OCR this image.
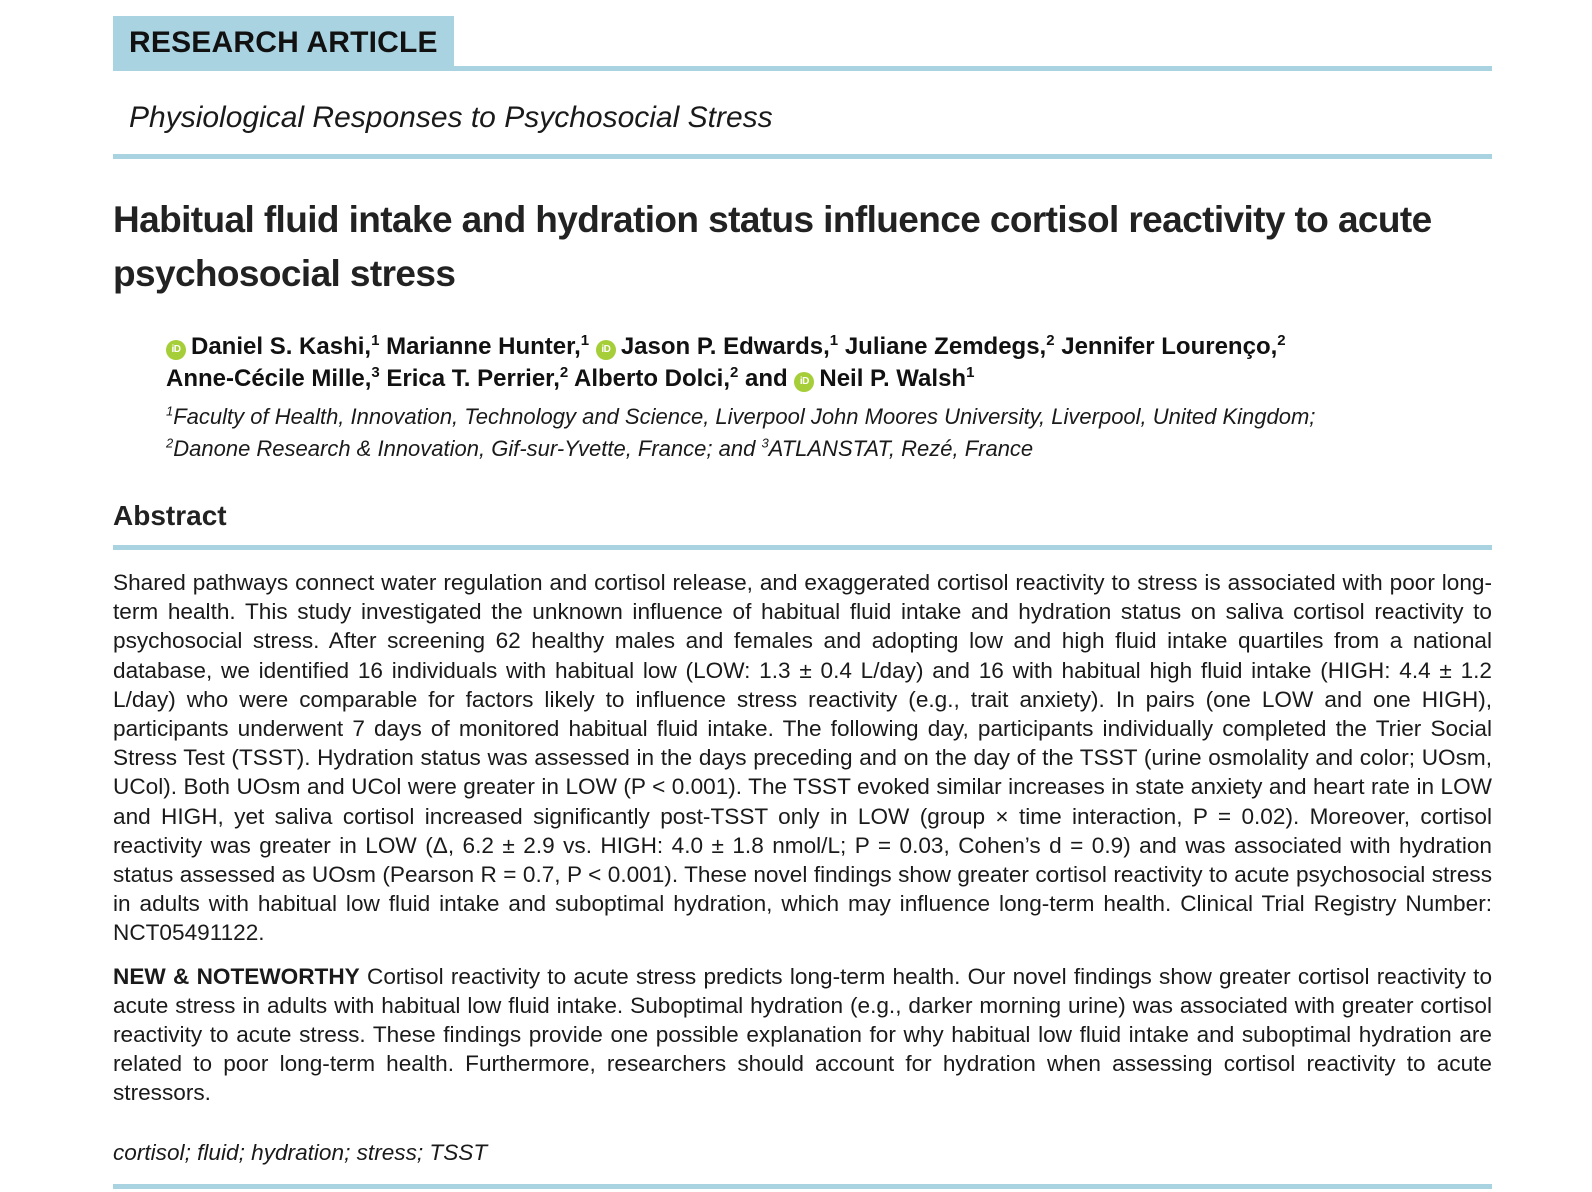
RESEARCH ARTICLE
Physiological Responses to Psychosocial Stress
Habitual fluid intake and hydration status influence cortisol reactivity to acute psychosocial stress
iD Daniel S. Kashi,$^1$ Marianne Hunter,$^1$ iD Jason P. Edwards,$^1$ Juliane Zemdegs,$^2$ Jennifer Lourenço,$^2$
Anne-Cécile Mille,$^3$ Erica T. Perrier,$^2$ Alberto Dolci,$^2$ and iD Neil P. Walsh$^1$
$^1$Faculty of Health, Innovation, Technology and Science, Liverpool John Moores University, Liverpool, United Kingdom;
$^2$Danone Research & Innovation, Gif-sur-Yvette, France; and $^3$ATLANSTAT, Rezé, France
Abstract

Shared pathways connect water regulation and cortisol release, and exaggerated cortisol reactivity to stress is associated with poor long-term health. This study investigated the unknown influence of habitual fluid intake and hydration status on saliva cortisol reactivity to psychosocial stress. After screening 62 healthy males and females and adopting low and high fluid intake quartiles from a national database, we identified 16 individuals with habitual low (LOW: 1.3 ± 0.4 L/day) and 16 with habitual high fluid intake (HIGH: 4.4 ± 1.2 L/day) who were comparable for factors likely to influence stress reactivity (e.g., trait anxiety). In pairs (one LOW and one HIGH), participants underwent 7 days of monitored habitual fluid intake. The following day, participants individually completed the Trier Social Stress Test (TSST). Hydration status was assessed in the days preceding and on the day of the TSST (urine osmolality and color; UOsm, UCol). Both UOsm and UCol were greater in LOW (P < 0.001). The TSST evoked similar increases in state anxiety and heart rate in LOW and HIGH, yet saliva cortisol increased significantly post-TSST only in LOW (group × time interaction, P = 0.02). Moreover, cortisol reactivity was greater in LOW (Δ, 6.2 ± 2.9 vs. HIGH: 4.0 ± 1.8 nmol/L; P = 0.03, Cohen’s d = 0.9) and was associated with hydration status assessed as UOsm (Pearson R = 0.7, P < 0.001). These novel findings show greater cortisol reactivity to acute psychosocial stress in adults with habitual low fluid intake and suboptimal hydration, which may influence long-term health. Clinical Trial Registry Number: NCT05491122.

NEW & NOTEWORTHY Cortisol reactivity to acute stress predicts long-term health. Our novel findings show greater cortisol reactivity to acute stress in adults with habitual low fluid intake. Suboptimal hydration (e.g., darker morning urine) was associated with greater cortisol reactivity to acute stress. These findings provide one possible explanation for why habitual low fluid intake and suboptimal hydration are related to poor long-term health. Furthermore, researchers should account for hydration when assessing cortisol reactivity to acute stressors.

cortisol; fluid; hydration; stress; TSST
